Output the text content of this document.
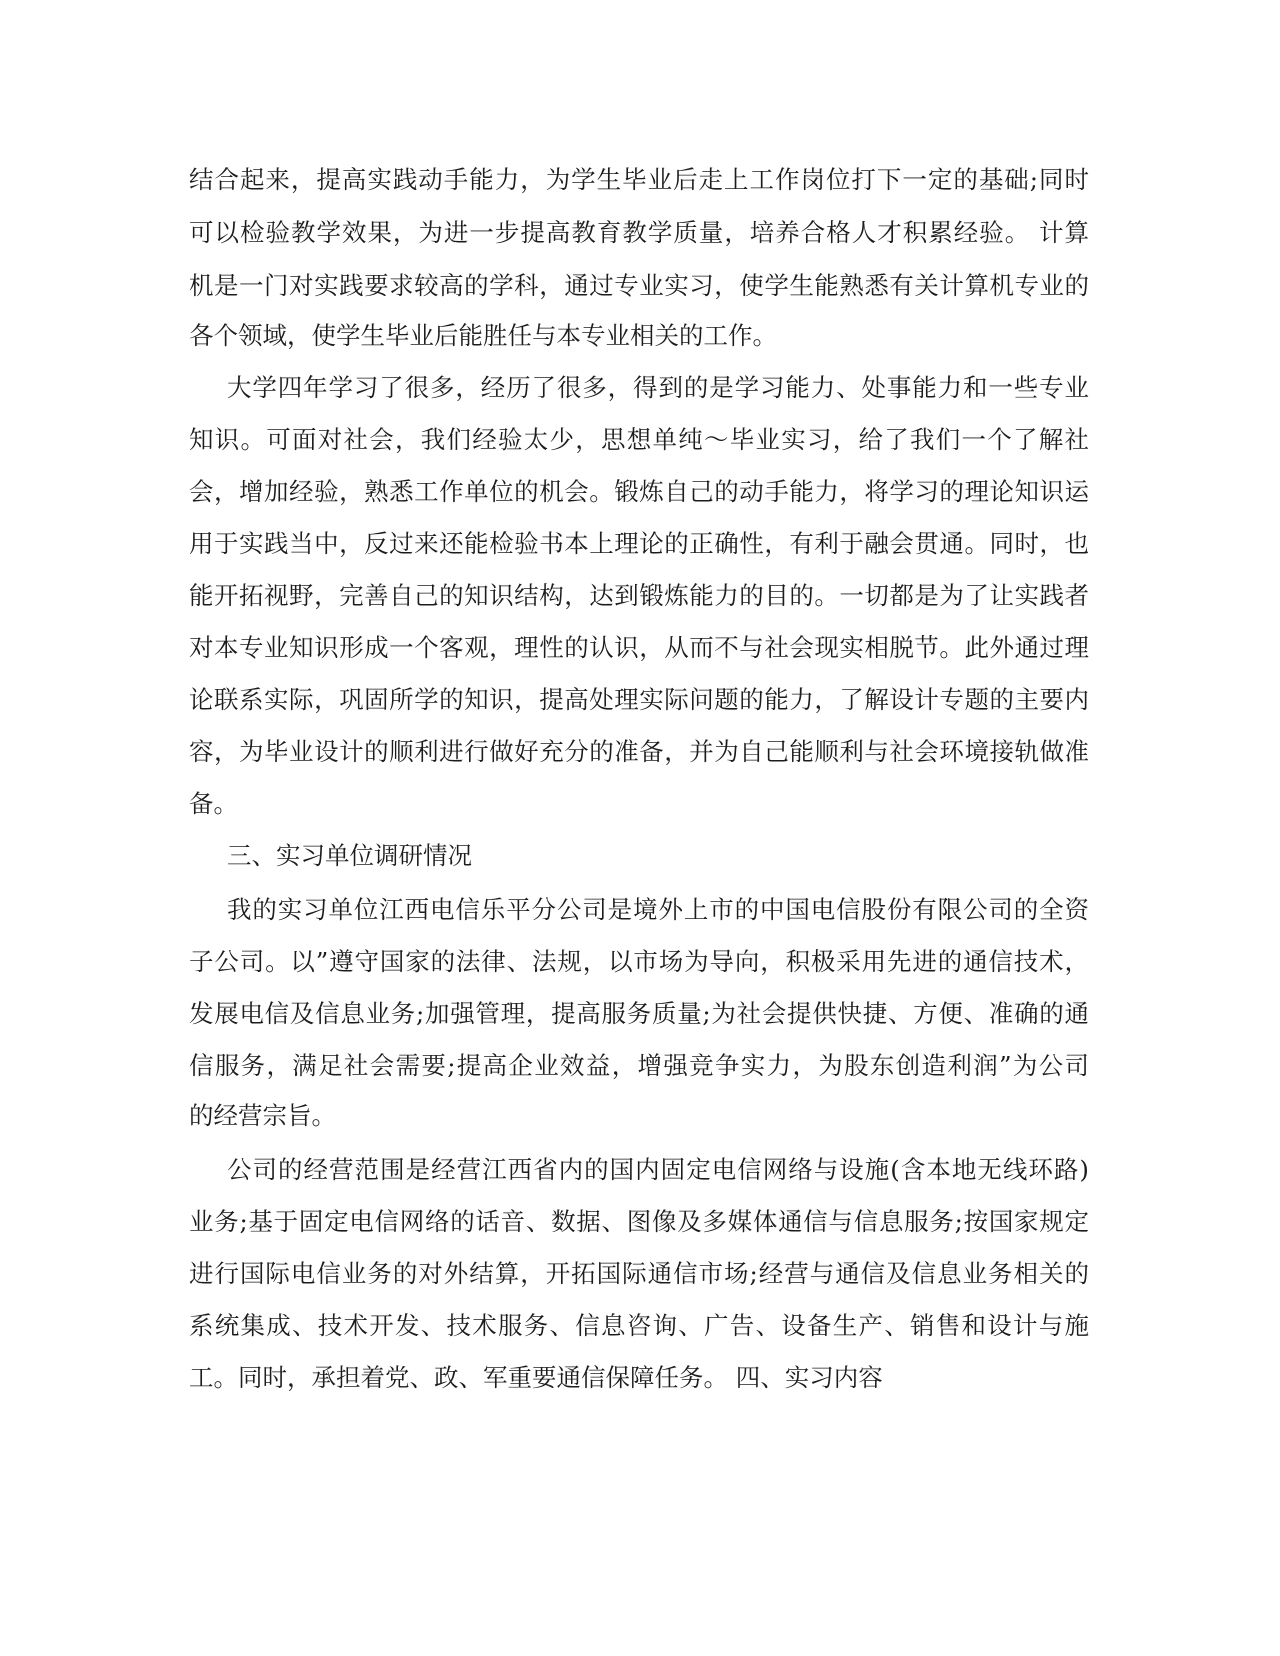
结合起来，提高实践动手能力，为学生毕业后走上工作岗位打下一定的基础;同时
可以检验教学效果，为进一步提高教育教学质量，培养合格人才积累经验。 计算
机是一门对实践要求较高的学科，通过专业实习，使学生能熟悉有关计算机专业的
各个领域，使学生毕业后能胜任与本专业相关的工作。
大学四年学习了很多，经历了很多，得到的是学习能力、处事能力和一些专业
知识。可面对社会，我们经验太少，思想单纯～毕业实习，给了我们一个了解社
会，增加经验，熟悉工作单位的机会。锻炼自己的动手能力，将学习的理论知识运
用于实践当中，反过来还能检验书本上理论的正确性，有利于融会贯通。同时，也
能开拓视野，完善自己的知识结构，达到锻炼能力的目的。一切都是为了让实践者
对本专业知识形成一个客观，理性的认识，从而不与社会现实相脱节。此外通过理
论联系实际，巩固所学的知识，提高处理实际问题的能力，了解设计专题的主要内
容，为毕业设计的顺利进行做好充分的准备，并为自己能顺利与社会环境接轨做准
备。
三、实习单位调研情况
我的实习单位江西电信乐平分公司是境外上市的中国电信股份有限公司的全资
子公司。以”遵守国家的法律、法规，以市场为导向，积极采用先进的通信技术，
发展电信及信息业务;加强管理，提高服务质量;为社会提供快捷、方便、准确的通
信服务，满足社会需要;提高企业效益，增强竞争实力，为股东创造利润”为公司
的经营宗旨。
公司的经营范围是经营江西省内的国内固定电信网络与设施(含本地无线环路)
业务;基于固定电信网络的话音、数据、图像及多媒体通信与信息服务;按国家规定
进行国际电信业务的对外结算，开拓国际通信市场;经营与通信及信息业务相关的
系统集成、技术开发、技术服务、信息咨询、广告、设备生产、销售和设计与施
工。同时，承担着党、政、军重要通信保障任务。 四、实习内容
